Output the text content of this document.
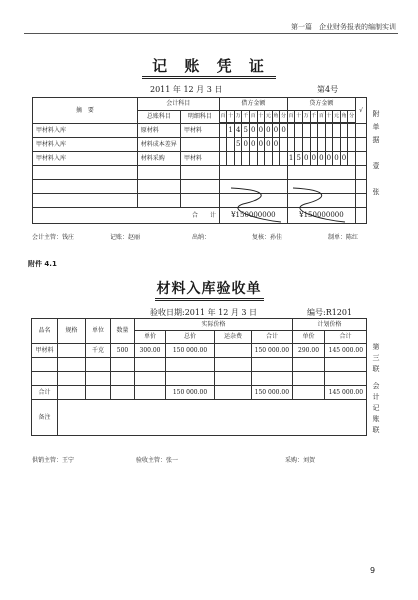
第一篇　企业财务报表的编制实训
记 账 凭 证
2011 年 12 月 3 日	第4号
摘　要	会计科目		借方金额									贷方金额									√
	总账科目	明细科目	百	十	万	千	百	十	元	角	分	百	十	万	千	百	十	元	角	分	

甲材料入库	原材料	甲材料		1	4	5	0	0	0	0	0										
甲材料入库	材料成本差异				5	0	0	0	0	0											
甲材料入库	材料采购	甲材料										1	5	0	0	0	0	0	0		

合　　计			¥150000000									¥150000000									
附
单
据

壹

张
会计主管：钱庄	记账：赵丽	出纳：	复核：孙佳	制单：陈红
附件 4.1
材料入库验收单
验收日期:2011 年 12 月 3 日	编号:R1201
品名	规格	单位	数量	实际价格				计划价格	
				单价	总价	运杂费	合计	单价	合计
甲材料		千克	500	300.00	150 000.00		150 000.00	290.00	145 000.00

合计					150 000.00		150 000.00		145 000.00
备注									
第
三
联
会
计
记
账
联
供销主管：王宁	验收主管：张一	采购：刘贺
9
